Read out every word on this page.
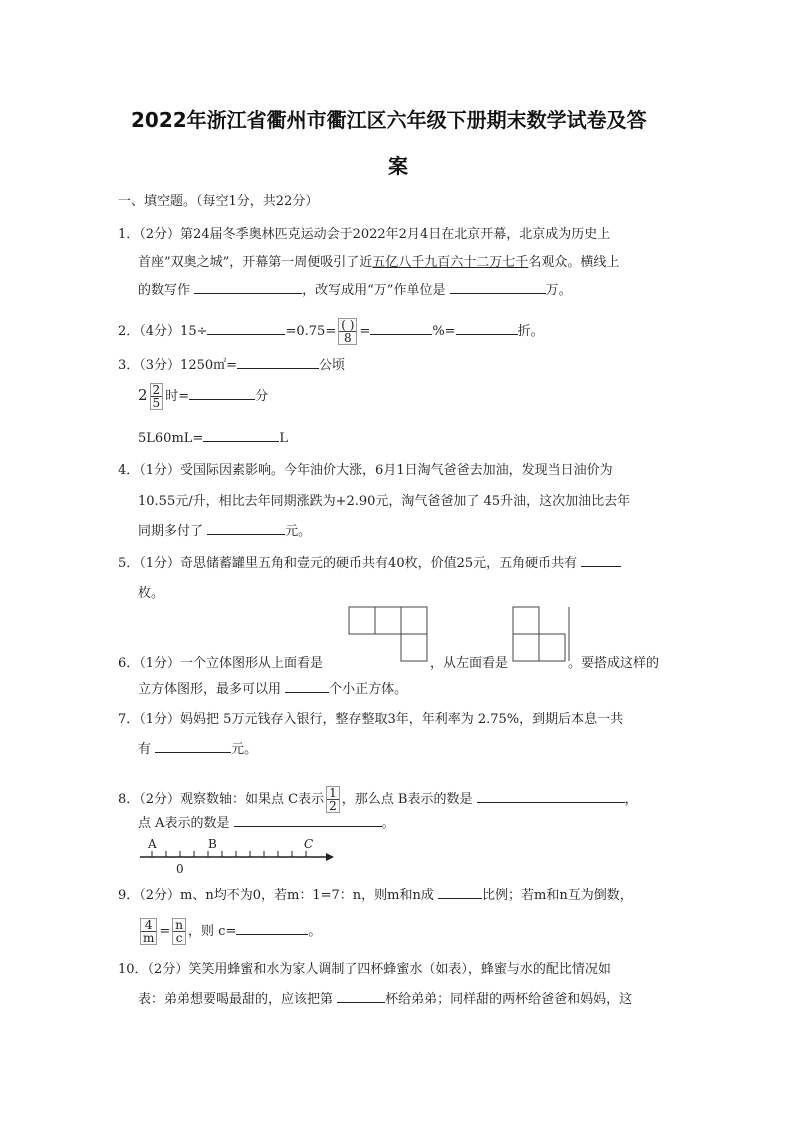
2022年浙江省衢州市衢江区六年级下册期末数学试卷及答
案
一、填空题。（每空1分，共22分）
1．（2分）第24届冬季奥林匹克运动会于2022年2月4日在北京开幕，北京成为历史上
首座”双奥之城”，开幕第一周便吸引了近五亿八千九百六十二万七千名观众。横线上
的数写作	，改写成用“万”作单位是	万。
2．（4分）15÷	$=0.75= \frac{( )}{8}$ =	%=	折。
3．（3分）1250㎡=	公顷
$2 \frac{2}{5}$ 时=	分
5L60mL=	L
4．（1分）受国际因素影响。今年油价大涨，6月1日淘气爸爸去加油，发现当日油价为
10.55元/升，相比去年同期涨跌为+2.90元，淘气爸爸加了 45升油，这次加油比去年
同期多付了	元。
5．（1分）奇思储蓄罐里五角和壹元的硬币共有40枚，价值25元，五角硬币共有
枚。
6．（1分）一个立体图形从上面看是	，从左面看是	。要搭成这样的
立方体图形，最多可以用	个小正方体。
7．（1分）妈妈把 5万元钱存入银行，整存整取3年，年利率为 2.75%，到期后本息一共
有	元。
8．（2分）观察数轴：如果点 C表示 $\frac{1}{2}$ ，那么点 B表示的数是	，
点 A表示的数是	。
A	B	C
0
9．（2分）m、n均不为0，若m：1=7：n，则m和n成	比例；若m和n互为倒数，
$\frac{4}{m} = \frac{n}{c}$ ，则 c=	。
10．（2分）笑笑用蜂蜜和水为家人调制了四杯蜂蜜水（如表），蜂蜜与水的配比情况如
表：弟弟想要喝最甜的，应该把第	杯给弟弟；同样甜的两杯给爸爸和妈妈，这
